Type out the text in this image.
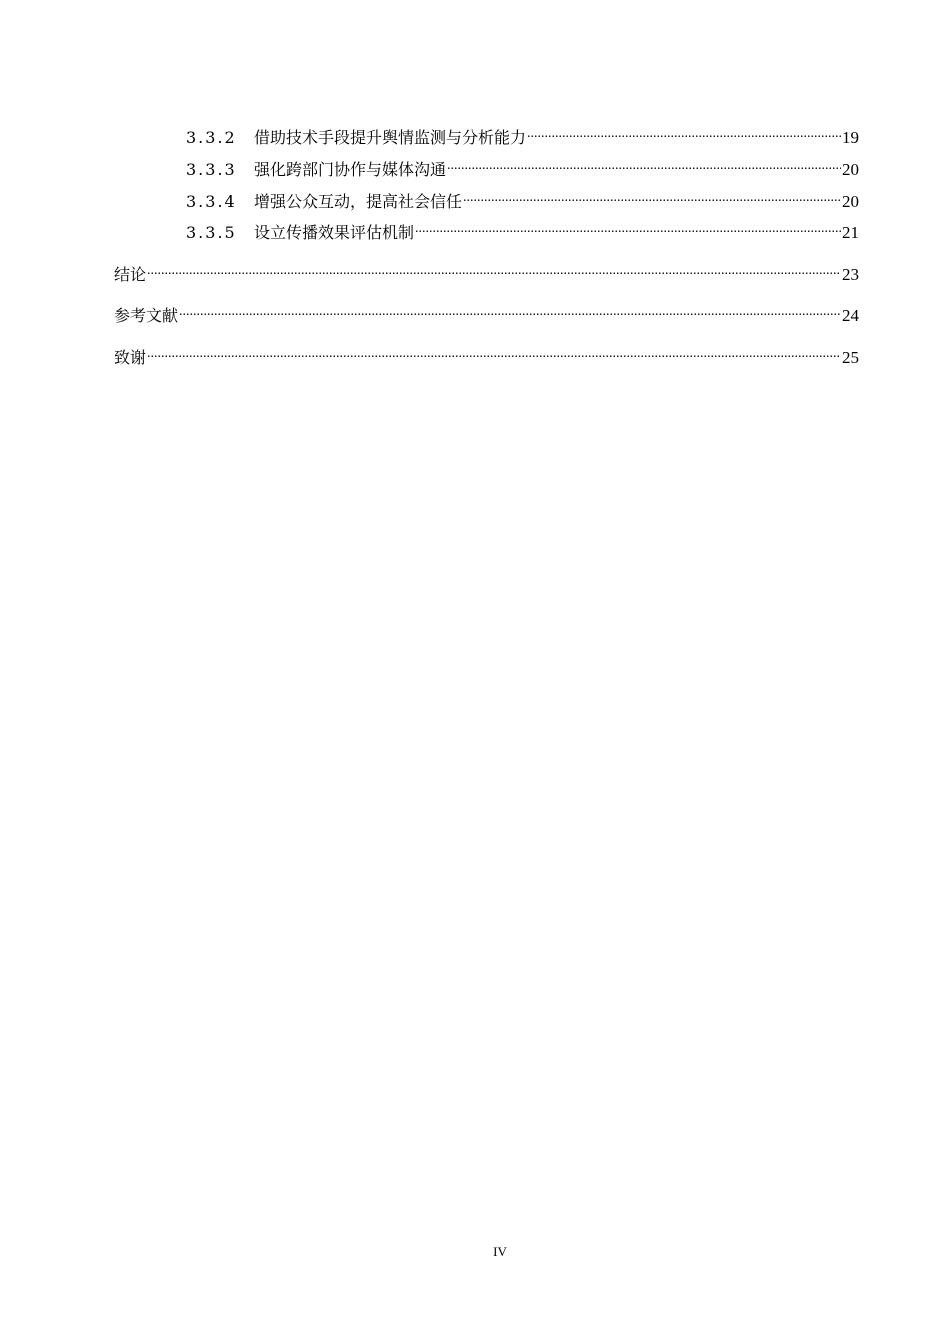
3.3.2	借助技术手段提升舆情监测与分析能力 .....	19
3.3.3	强化跨部门协作与媒体沟通 .....	20
3.3.4	增强公众互动，提高社会信任 .....	20
3.3.5	设立传播效果评估机制 .....	21
结论 .....	23
参考文献 .....	24
致谢 .....	25
IV
